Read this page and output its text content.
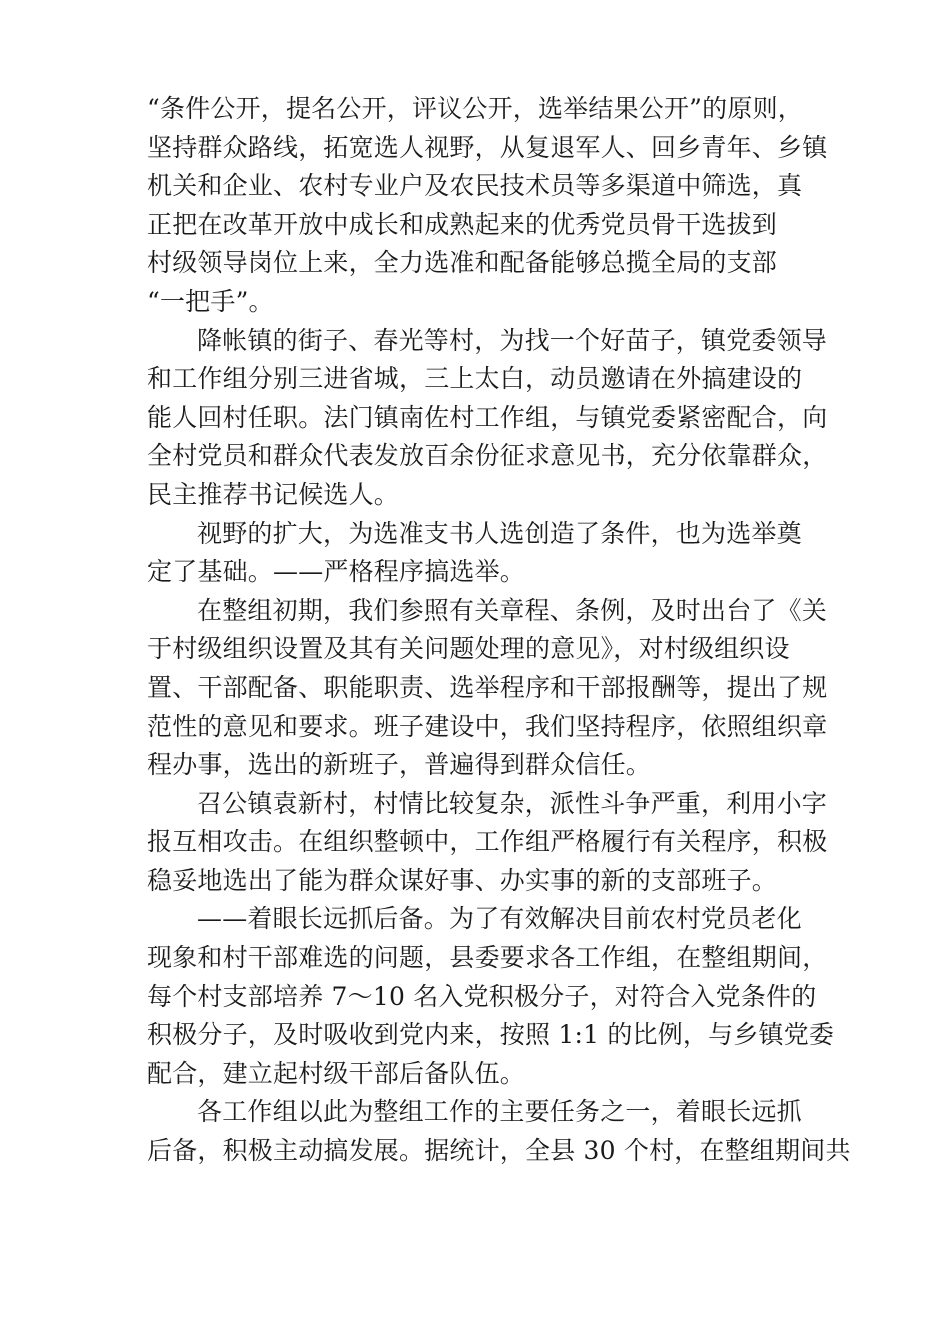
“条件公开，提名公开，评议公开，选举结果公开”的原则，
坚持群众路线，拓宽选人视野，从复退军人、回乡青年、乡镇
机关和企业、农村专业户及农民技术员等多渠道中筛选，真
正把在改革开放中成长和成熟起来的优秀党员骨干选拔到
村级领导岗位上来，全力选准和配备能够总揽全局的支部
“一把手”。
降帐镇的街子、春光等村，为找一个好苗子，镇党委领导
和工作组分别三进省城，三上太白，动员邀请在外搞建设的
能人回村任职。法门镇南佐村工作组，与镇党委紧密配合，向
全村党员和群众代表发放百余份征求意见书，充分依靠群众，
民主推荐书记候选人。
视野的扩大，为选准支书人选创造了条件，也为选举奠
定了基础。——严格程序搞选举。
在整组初期，我们参照有关章程、条例，及时出台了《关
于村级组织设置及其有关问题处理的意见》，对村级组织设
置、干部配备、职能职责、选举程序和干部报酬等，提出了规
范性的意见和要求。班子建设中，我们坚持程序，依照组织章
程办事，选出的新班子，普遍得到群众信任。
召公镇袁新村，村情比较复杂，派性斗争严重，利用小字
报互相攻击。在组织整顿中，工作组严格履行有关程序，积极
稳妥地选出了能为群众谋好事、办实事的新的支部班子。
——着眼长远抓后备。为了有效解决目前农村党员老化
现象和村干部难选的问题，县委要求各工作组，在整组期间，
每个村支部培养 7～10 名入党积极分子，对符合入党条件的
积极分子，及时吸收到党内来，按照 1:1 的比例，与乡镇党委
配合，建立起村级干部后备队伍。
各工作组以此为整组工作的主要任务之一，着眼长远抓
后备，积极主动搞发展。据统计，全县 30 个村，在整组期间共
